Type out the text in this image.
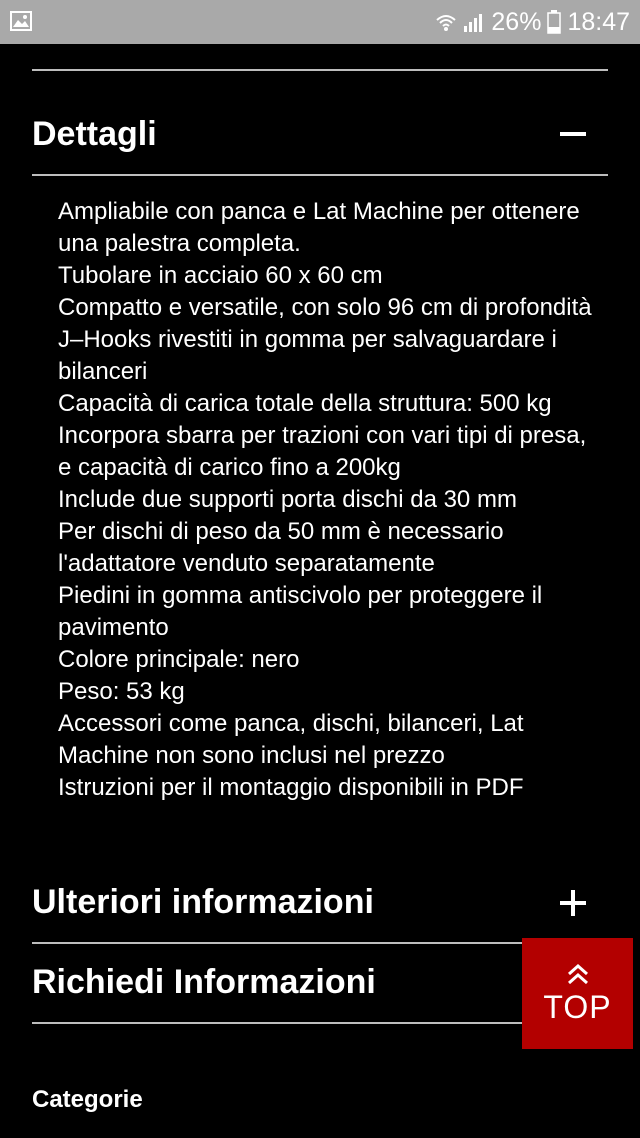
26% 18:47
Dettagli
Ampliabile con panca e Lat Machine per ottenere una palestra completa.
Tubolare in acciaio 60 x 60 cm
Compatto e versatile, con solo 96 cm di profondità
J–Hooks rivestiti in gomma per salvaguardare i bilanceri
Capacità di carica totale della struttura: 500 kg
Incorpora sbarra per trazioni con vari tipi di presa, e capacità di carico fino a 200kg
Include due supporti porta dischi da 30 mm
Per dischi di peso da 50 mm è necessario l'adattatore venduto separatamente
Piedini in gomma antiscivolo per proteggere il pavimento
Colore principale: nero
Peso: 53 kg
Accessori come panca, dischi, bilanceri, Lat Machine non sono inclusi nel prezzo
Istruzioni per il montaggio disponibili in PDF
Ulteriori informazioni
Richiedi Informazioni
Categorie
TOP
